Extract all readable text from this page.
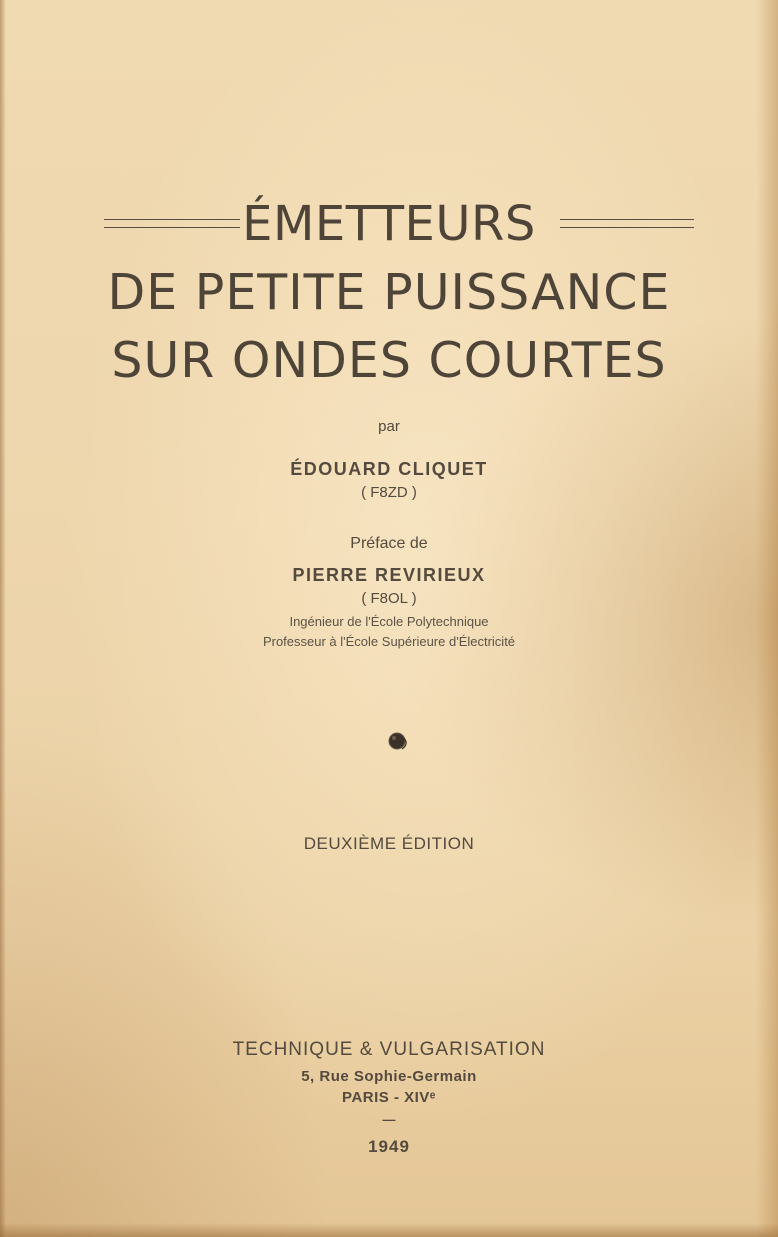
ÉMETTEURS
DE PETITE PUISSANCE
SUR ONDES COURTES
par
ÉDOUARD CLIQUET
( F8ZD )
Préface de
PIERRE REVIRIEUX
( F8OL )
Ingénieur de l'École Polytechnique
Professeur à l'École Supérieure d'Électricité
DEUXIÈME ÉDITION
TECHNIQUE & VULGARISATION
5, Rue Sophie-Germain
PARIS - XIVᵉ
—
1949
